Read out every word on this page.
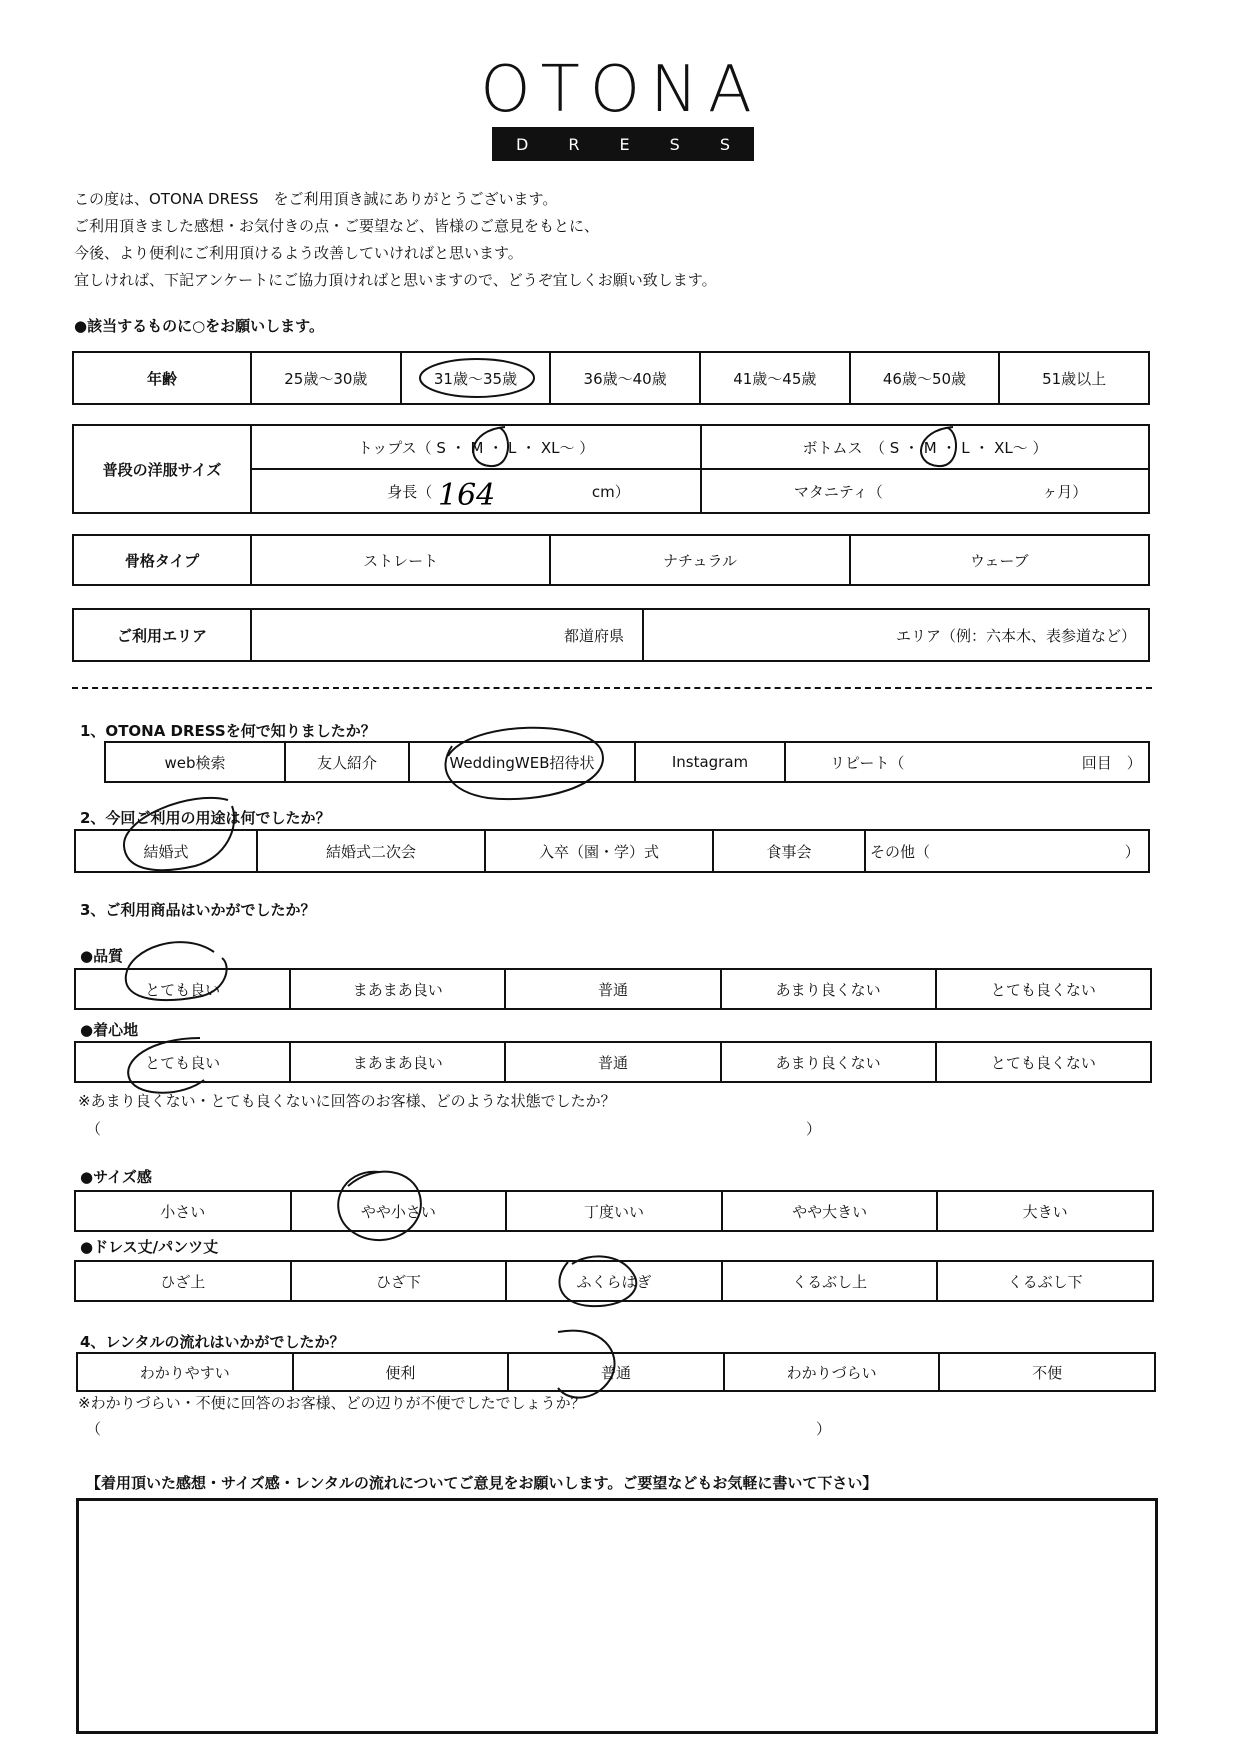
OTONA
D	R	E	S	S
この度は、OTONA DRESS　をご利用頂き誠にありがとうございます。
ご利用頂きました感想・お気付きの点・ご要望など、皆様のご意見をもとに、
今後、より便利にご利用頂けるよう改善していければと思います。
宜しければ、下記アンケートにご協力頂ければと思いますので、どうぞ宜しくお願い致します。
●該当するものに○をお願いします。
年齢	25歳〜30歳	31歳〜35歳	36歳〜40歳	41歳〜45歳	46歳〜50歳	51歳以上
普段の洋服サイズ	トップス（ S ・ M ・ L ・ XL〜 ）	ボトムス　（ S ・ M ・ L ・ XL〜 ）
	身長（ cm）	マタニティ（ ヶ月）
骨格タイプ	ストレート	ナチュラル	ウェーブ
ご利用エリア	都道府県	エリア（例：六本木、表参道など）
1、OTONA DRESSを何で知りましたか？
web検索	友人紹介	WeddingWEB招待状	Instagram	リピート（	回目　）
2、今回ご利用の用途は何でしたか？
結婚式	結婚式二次会	入卒（園・学）式	食事会	その他（	）
3、ご利用商品はいかがでしたか？
●品質
とても良い	まあまあ良い	普通	あまり良くない	とても良くない
●着心地
とても良い	まあまあ良い	普通	あまり良くない	とても良くない
※あまり良くない・とても良くないに回答のお客様、どのような状態でしたか？
（	）
●サイズ感
小さい	やや小さい	丁度いい	やや大きい	大きい
●ドレス丈/パンツ丈
ひざ上	ひざ下	ふくらはぎ	くるぶし上	くるぶし下
4、レンタルの流れはいかがでしたか？
わかりやすい	便利	普通	わかりづらい	不便
※わかりづらい・不便に回答のお客様、どの辺りが不便でしたでしょうか？
（	）
【着用頂いた感想・サイズ感・レンタルの流れについてご意見をお願いします。ご要望などもお気軽に書いて下さい】
164
